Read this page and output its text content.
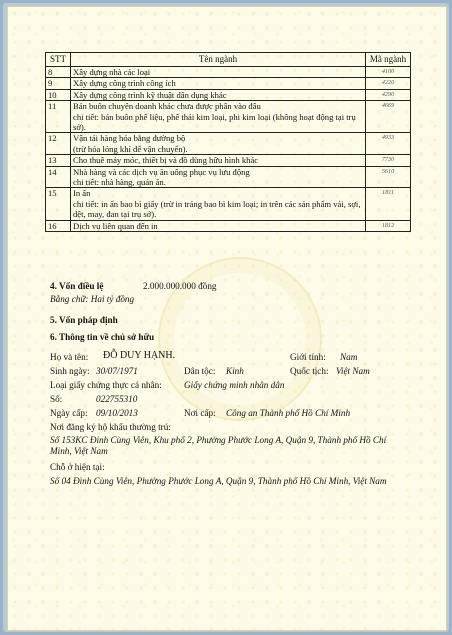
STT	Tên ngành	Mã ngành
8	Xây dựng nhà các loại	4100
9	Xây dựng công trình công ích	4220
10	Xây dựng công trình kỹ thuật dân dụng khác	4290
11	Bán buôn chuyên doanh khác chưa được phân vào đâu
chi tiết: bán buôn phế liệu, phế thải kim loại, phi kim loại (không hoạt động tại trụ sở).	4669
12	Vận tải hàng hóa bằng đường bộ
(trừ hóa lỏng khí để vận chuyển).	4933
13	Cho thuê máy móc, thiết bị và đồ dùng hữu hình khác	7730
14	Nhà hàng và các dịch vụ ăn uống phục vụ lưu động
chi tiết: nhà hàng, quán ăn.	5610
15	In ấn
chi tiết: in ấn bao bì giấy (trừ in tráng bao bì kim loại; in trên các sản phẩm vải, sợi, dệt, may, đan tại trụ sở).	1811
16	Dịch vụ liên quan đến in	1812
4. Vốn điều lệ	2.000.000.000 đồng
Bằng chữ: Hai tỷ đồng
5. Vốn pháp định
6. Thông tin về chủ sở hữu
Họ và tên: ĐỖ DUY HẠNH.	Giới tính: Nam
Sinh ngày: 30/07/1971	Dân tộc: Kinh	Quốc tịch: Việt Nam
Loại giấy chứng thực cá nhân: Giấy chứng minh nhân dân
Số:	022755310
Ngày cấp: 09/10/2013	Nơi cấp: Công an Thành phố Hồ Chí Minh
Nơi đăng ký hộ khẩu thường trú:
Số 153KC Đinh Cùng Viên, Khu phố 2, Phường Phước Long A, Quận 9, Thành phố Hồ Chí Minh, Việt Nam
Chỗ ở hiện tại:
Số 04 Đình Cùng Viên, Phường Phước Long A, Quận 9, Thành phố Hồ Chí Minh, Việt Nam
